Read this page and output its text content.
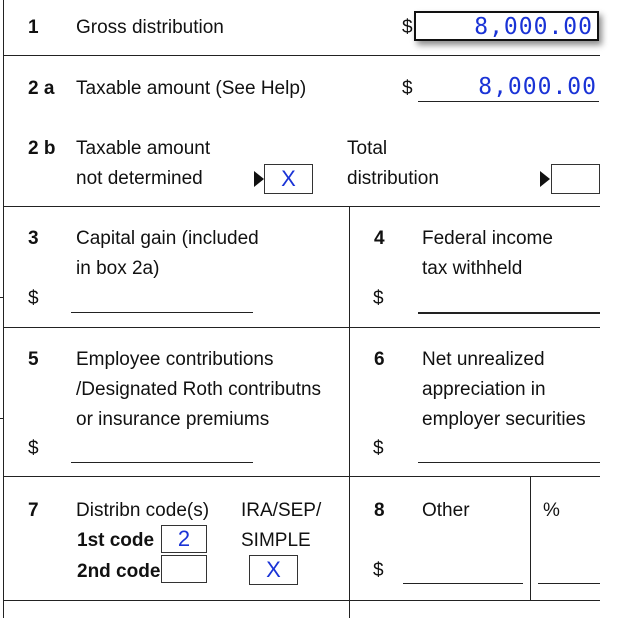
1 Gross distribution	$	8,000.00
2 a Taxable amount (See Help)	$	8,000.00
2 b Taxable amount
not determined	X
Total
distribution
3 Capital gain (included
in box 2a)
$
4 Federal income
tax withheld
$
5 Employee contributions
/Designated Roth contributns
or insurance premiums
$
6 Net unrealized
appreciation in
employer securities
$
7 Distribn code(s)
1st code	2
2nd code
IRA/SEP/
SIMPLE
X
8 Other	%
$
